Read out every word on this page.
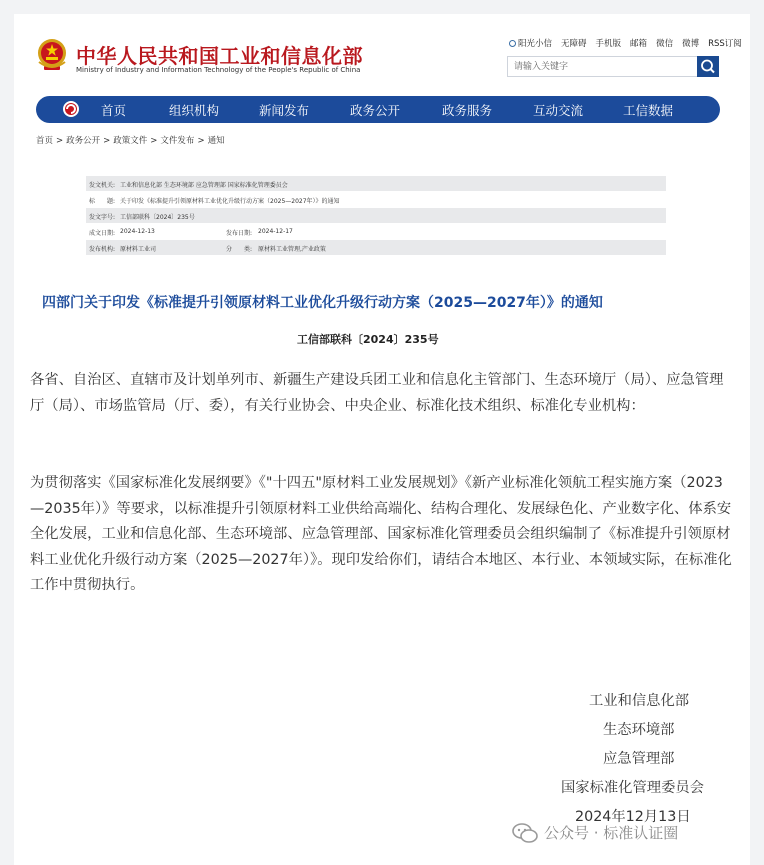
中华人民共和国工业和信息化部
Ministry of Industry and Information Technology of the People's Republic of China
阳光小信 无障碍 手机版 邮箱 微信 微博 RSS订阅
请输入关键字
首页	组织机构	新闻发布	政务公开	政务服务	互动交流	工信数据
首页 > 政务公开 > 政策文件 > 文件发布 > 通知
发文机关: 工业和信息化部 生态环境部 应急管理部 国家标准化管理委员会
标　　题: 关于印发《标准提升引领原材料工业优化升级行动方案（2025—2027年）》的通知
发文字号: 工信部联科〔2024〕235号
成文日期: 2024-12-13	发布日期: 2024-12-17
发布机构: 原材料工业司	分　　类: 原材料工业管理,产业政策
四部门关于印发《标准提升引领原材料工业优化升级行动方案（2025—2027年）》的通知
工信部联科〔2024〕235号
各省、自治区、直辖市及计划单列市、新疆生产建设兵团工业和信息化主管部门、生态环境厅（局）、应急管理厅（局）、市场监管局（厅、委），有关行业协会、中央企业、标准化技术组织、标准化专业机构：
为贯彻落实《国家标准化发展纲要》《"十四五"原材料工业发展规划》《新产业标准化领航工程实施方案（2023—2035年）》等要求，以标准提升引领原材料工业供给高端化、结构合理化、发展绿色化、产业数字化、体系安全化发展，工业和信息化部、生态环境部、应急管理部、国家标准化管理委员会组织编制了《标准提升引领原材料工业优化升级行动方案（2025—2027年）》。现印发给你们，请结合本地区、本行业、本领域实际，在标准化工作中贯彻执行。
工业和信息化部
生态环境部
应急管理部
国家标准化管理委员会
2024年12月13日
公众号 · 标准认证圈
